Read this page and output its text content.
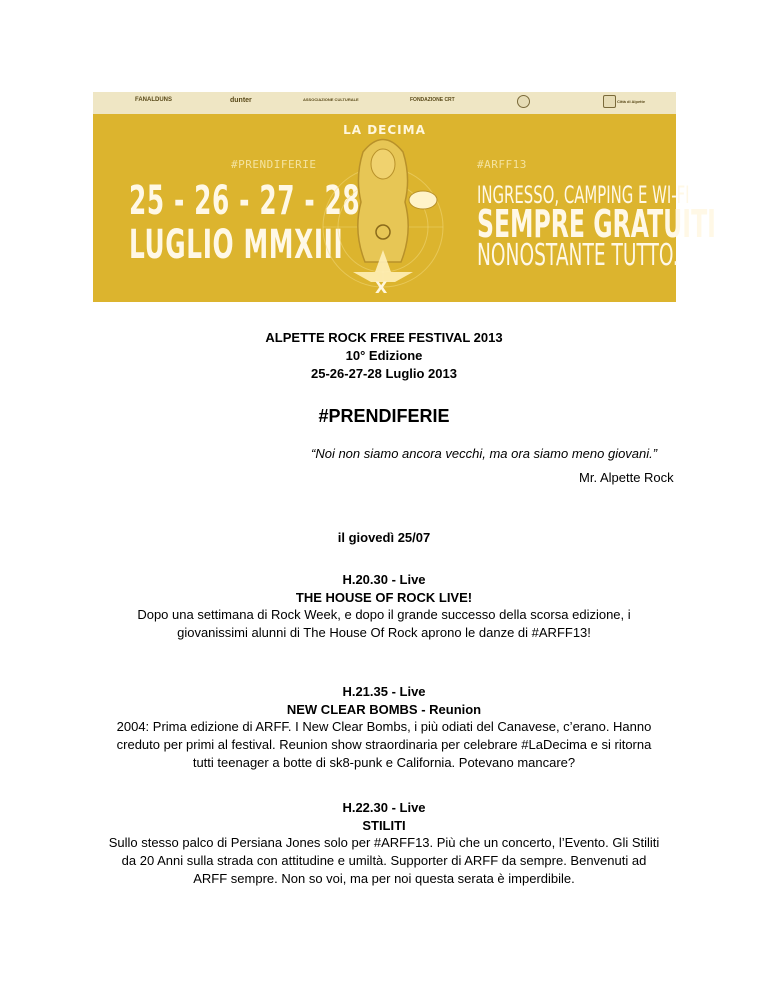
FANALDUNS	dunter	ASSOCIAZIONE CULTURALE	FONDAZIONE CRT	Città di Alpette
LA DECIMA
#PRENDIFERIE	#ARFF13
25 - 26 - 27 - 28
LUGLIO MMXIII
INGRESSO, CAMPING E WI-FI
SEMPRE GRATUITI
NONOSTANTE TUTTO.
X
ALPETTE ROCK FREE FESTIVAL 2013
10° Edizione
25-26-27-28 Luglio 2013
#PRENDIFERIE
“Noi non siamo ancora vecchi, ma ora siamo meno giovani.”
Mr. Alpette Rock
il giovedì 25/07
H.20.30 - Live
THE HOUSE OF ROCK LIVE!
Dopo una settimana di Rock Week, e dopo il grande successo della scorsa edizione, i
giovanissimi alunni di The House Of Rock aprono le danze di #ARFF13!
H.21.35 - Live
NEW CLEAR BOMBS - Reunion
2004: Prima edizione di ARFF. I New Clear Bombs, i più odiati del Canavese, c’erano. Hanno
creduto per primi al festival. Reunion show straordinaria per celebrare #LaDecima e si ritorna
tutti teenager a botte di sk8-punk e California. Potevano mancare?
H.22.30 - Live
STILITI
Sullo stesso palco di Persiana Jones solo per #ARFF13. Più che un concerto, l’Evento. Gli Stiliti
da 20 Anni sulla strada con attitudine e umiltà. Supporter di ARFF da sempre. Benvenuti ad
ARFF sempre. Non so voi, ma per noi questa serata è imperdibile.
